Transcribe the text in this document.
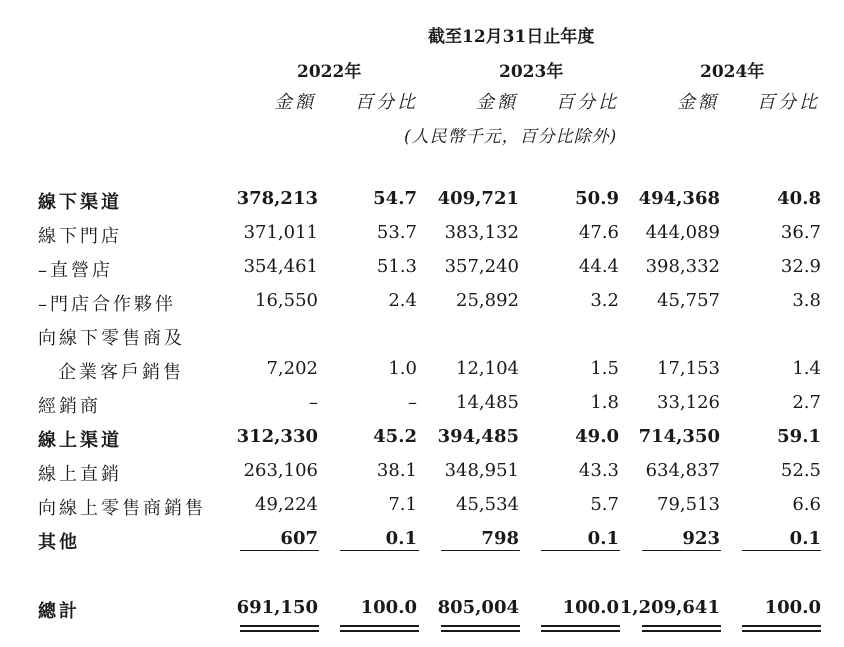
截至12月31日止年度
2022年	2023年	2024年
金額 百分比	金額 百分比	金額 百分比
(人民幣千元，百分比除外)
線下渠道	378,213	54.7 409,721	50.9 494,368	40.8
線下門店	371,011	53.7 383,132	47.6 444,089	36.7
–直營店	354,461	51.3 357,240	44.4 398,332	32.9
–門店合作夥伴	16,550	2.4 25,892	3.2 45,757	3.8
向線下零售商及
企業客戶銷售	7,202	1.0 12,104	1.5 17,153	1.4
經銷商	–	– 14,485	1.8 33,126	2.7
線上渠道	312,330	45.2 394,485	49.0 714,350	59.1
線上直銷	263,106	38.1 348,951	43.3 634,837	52.5
向線上零售商銷售	49,224	7.1 45,534	5.7 79,513	6.6
其他	607	0.1	798	0.1	923	0.1
總計	691,150 100.0 805,004 100.0 1,209,641 100.0
